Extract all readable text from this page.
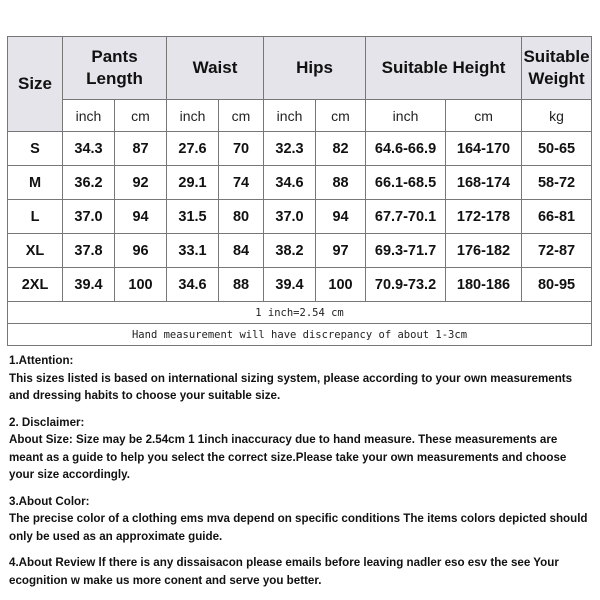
Size	Pants Length		Waist		Hips		Suitable Height		Suitable Weight
	inch	cm	inch	cm	inch	cm	inch	cm	kg
S	34.3	87	27.6	70	32.3	82	64.6-66.9	164-170	50-65
M	36.2	92	29.1	74	34.6	88	66.1-68.5	168-174	58-72
L	37.0	94	31.5	80	37.0	94	67.7-70.1	172-178	66-81
XL	37.8	96	33.1	84	38.2	97	69.3-71.7	176-182	72-87
2XL	39.4	100	34.6	88	39.4	100	70.9-73.2	180-186	80-95
1 inch=2.54 cm									
Hand measurement will have discrepancy of about 1-3cm									

1.Attention:

This sizes listed is based on international sizing system, please according to your own measurements and dressing habits to choose your suitable size.

2. Disclaimer:

About Size: Size may be 2.54cm 1 1inch inaccuracy due to hand measure. These measurements are meant as a guide to help you select the correct size.Please take your own measurements and choose your size accordingly.

3.About Color:

The precise color of a clothing ems mva depend on specific conditions The items colors depicted should only be used as an approximate guide.

4.About Review lf there is any dissaisacon please emails before leaving nadler eso esv the see Your ecognition w make us more conent and serve you better.
